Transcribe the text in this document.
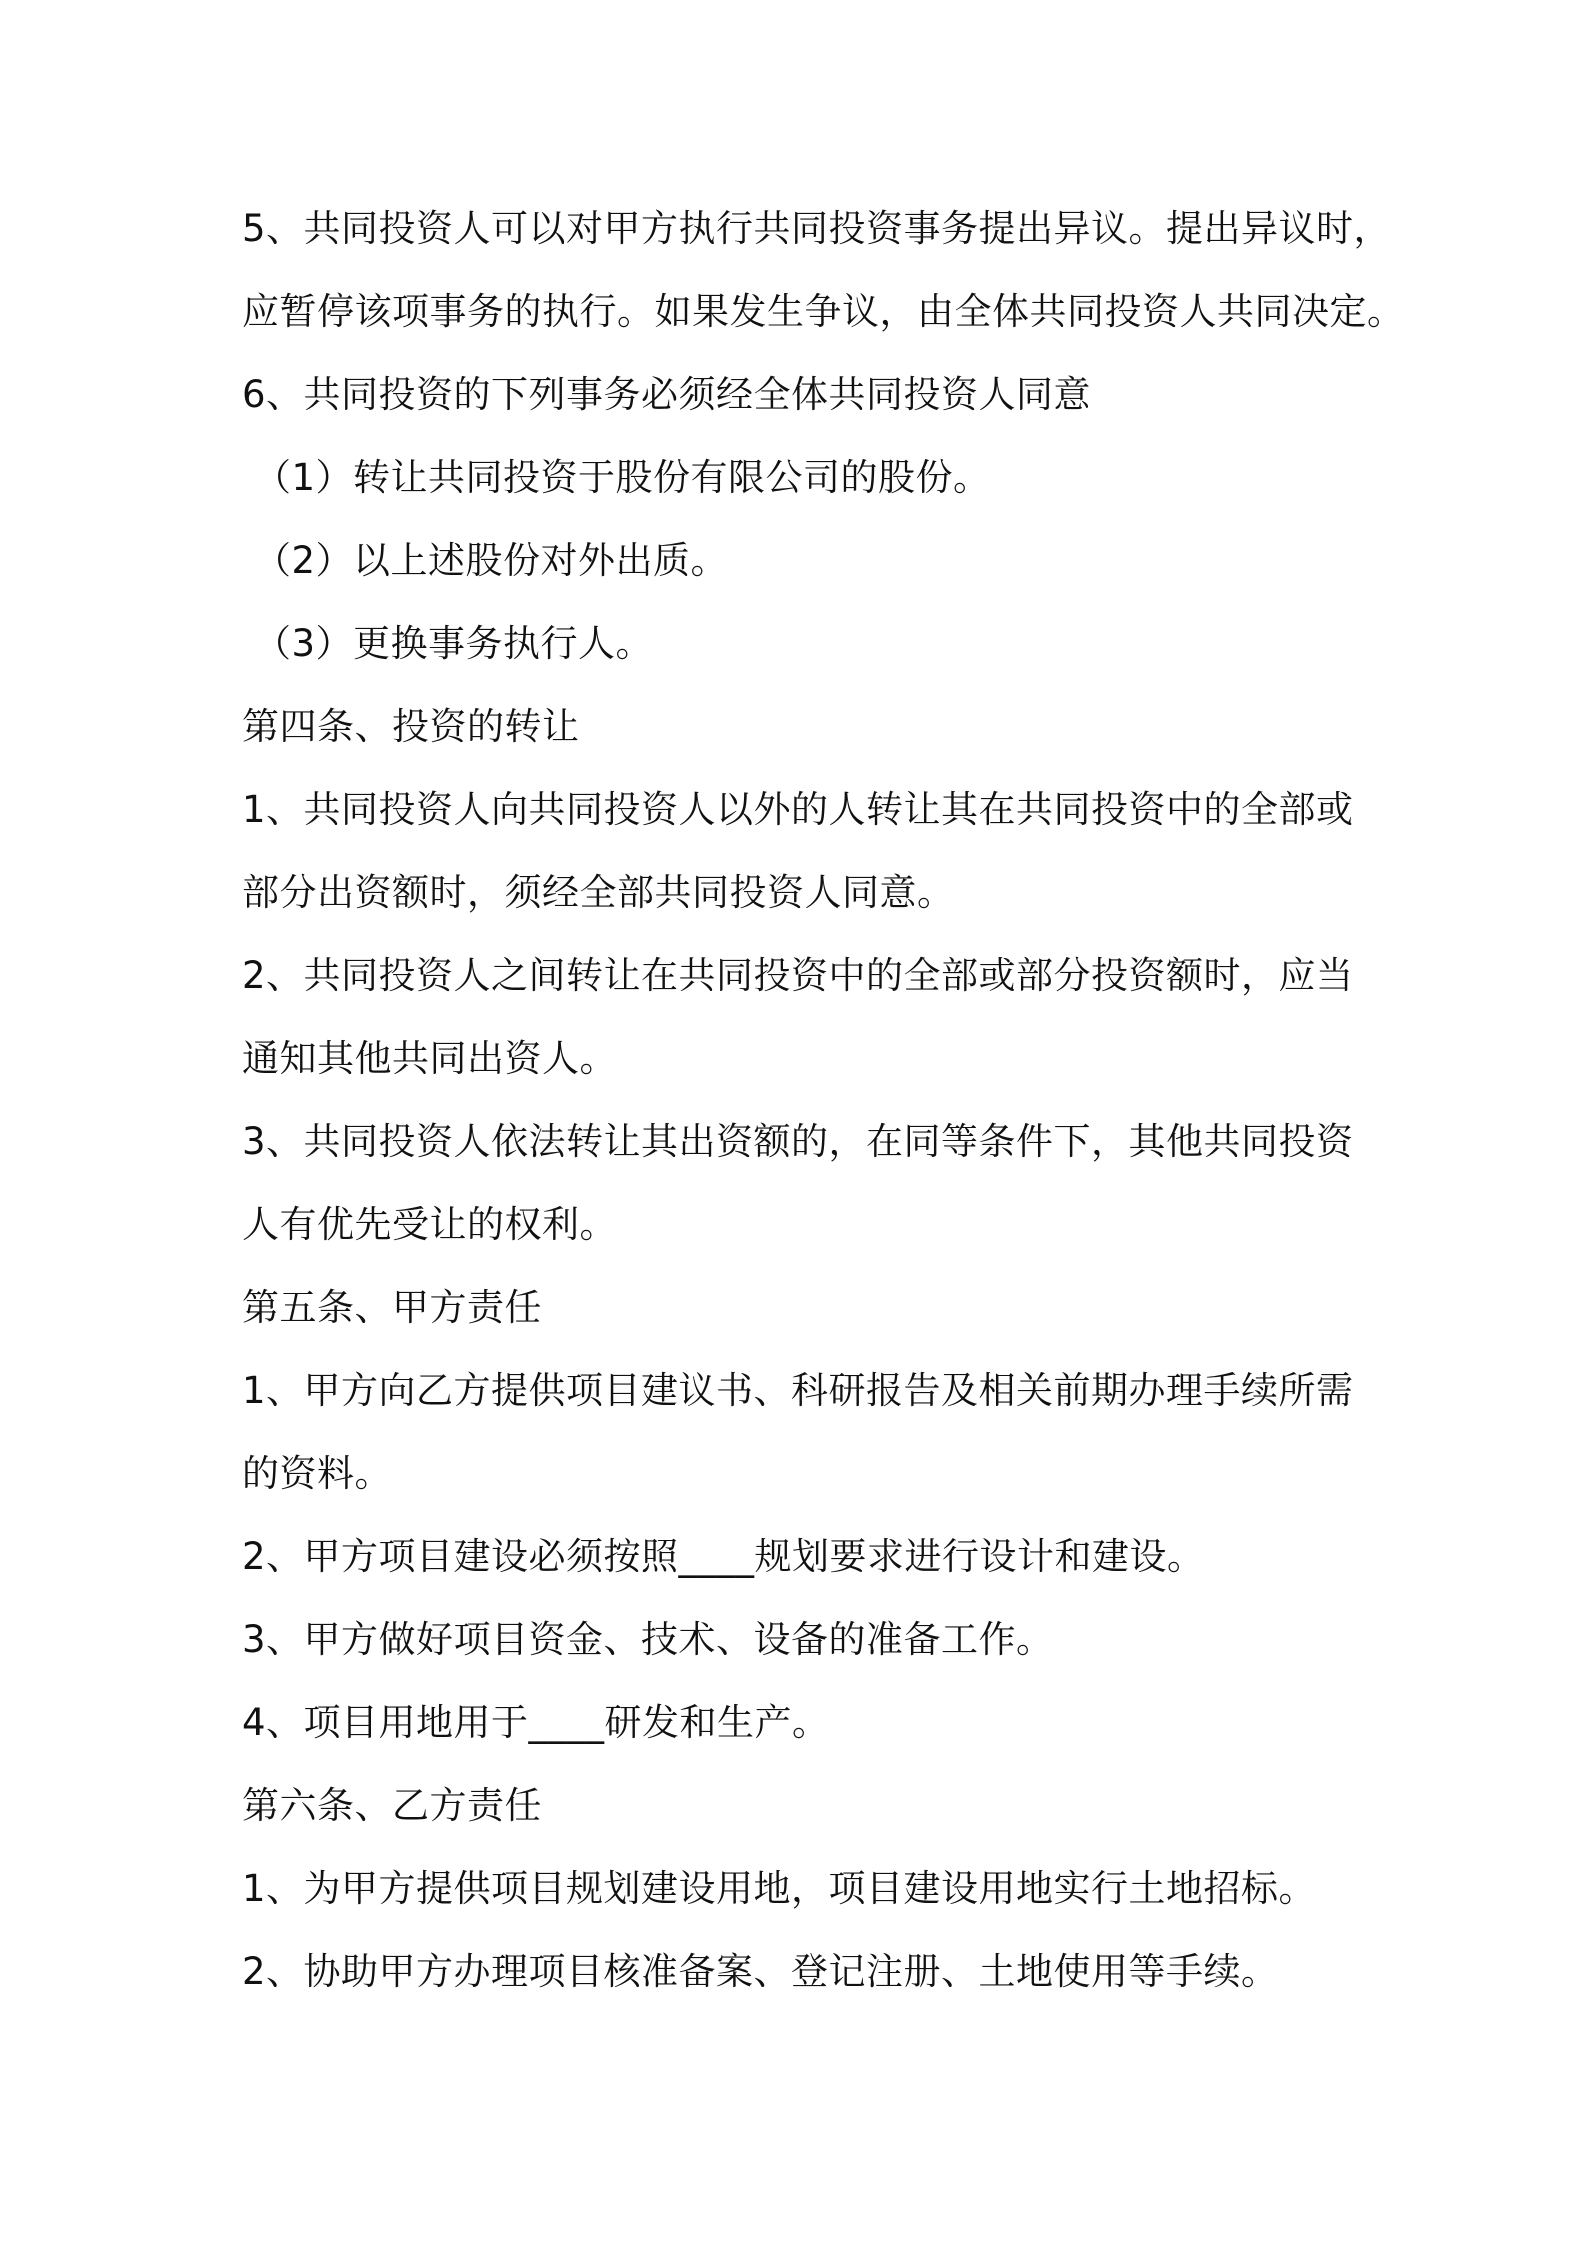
5、共同投资人可以对甲方执行共同投资事务提出异议。提出异议时，
应暂停该项事务的执行。如果发生争议，由全体共同投资人共同决定。
6、共同投资的下列事务必须经全体共同投资人同意
（1）转让共同投资于股份有限公司的股份。
（2）以上述股份对外出质。
（3）更换事务执行人。
第四条、投资的转让
1、共同投资人向共同投资人以外的人转让其在共同投资中的全部或
部分出资额时，须经全部共同投资人同意。
2、共同投资人之间转让在共同投资中的全部或部分投资额时，应当
通知其他共同出资人。
3、共同投资人依法转让其出资额的，在同等条件下，其他共同投资
人有优先受让的权利。
第五条、甲方责任
1、甲方向乙方提供项目建议书、科研报告及相关前期办理手续所需
的资料。
2、甲方项目建设必须按照____规划要求进行设计和建设。
3、甲方做好项目资金、技术、设备的准备工作。
4、项目用地用于____研发和生产。
第六条、乙方责任
1、为甲方提供项目规划建设用地，项目建设用地实行土地招标。
2、协助甲方办理项目核准备案、登记注册、土地使用等手续。
